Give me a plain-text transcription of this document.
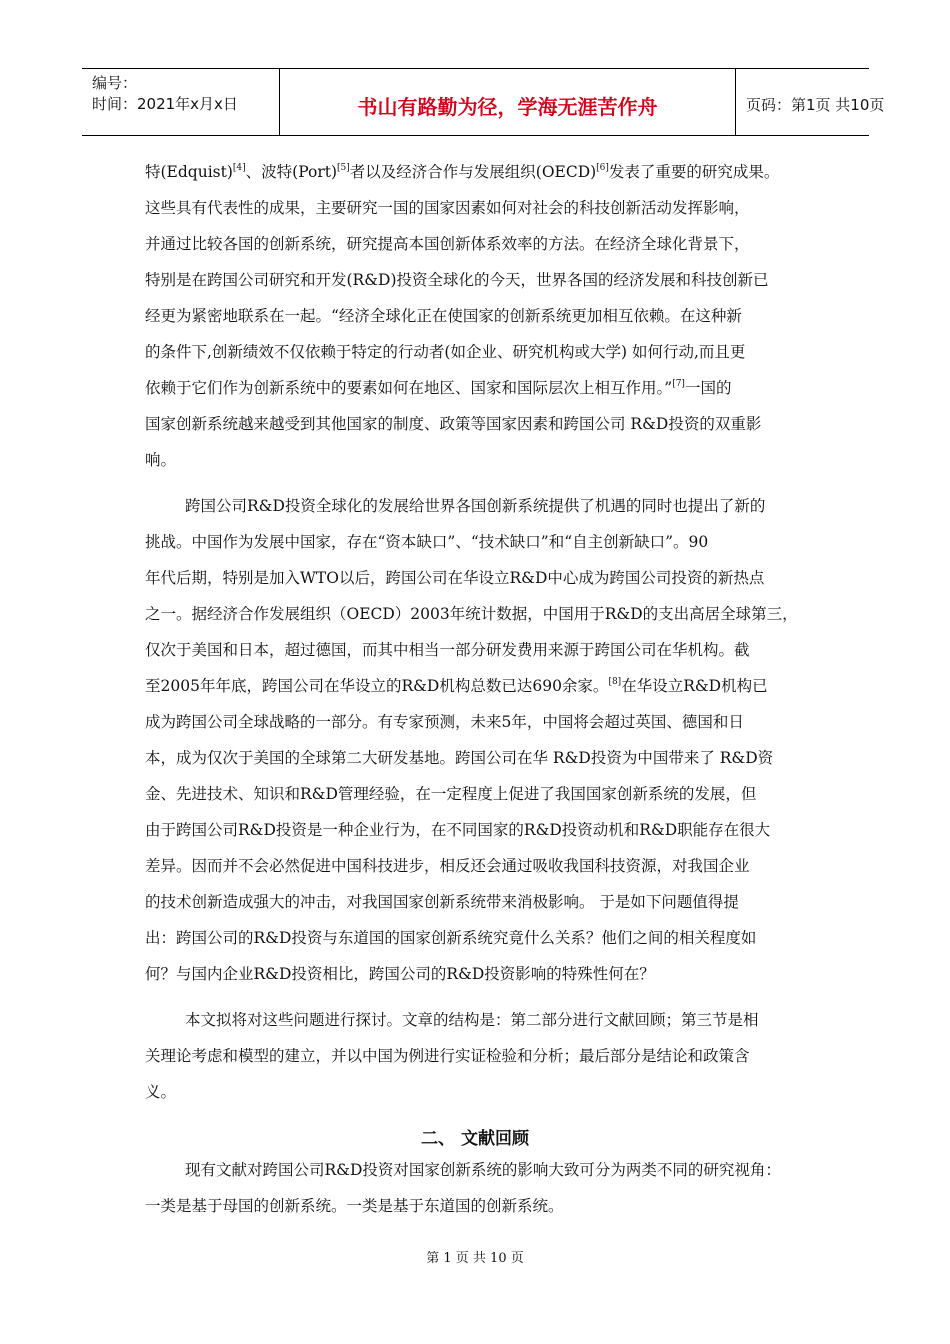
编号：
时间：2021年x月x日	书山有路勤为径，学海无涯苦作舟	页码：第1页 共10页
特(Edquist)[4]、波特(Port)[5]者以及经济合作与发展组织(OECD)[6]发表了重要的研究成果。
这些具有代表性的成果，主要研究一国的国家因素如何对社会的科技创新活动发挥影响，
并通过比较各国的创新系统，研究提高本国创新体系效率的方法。在经济全球化背景下，
特别是在跨国公司研究和开发(R&D)投资全球化的今天，世界各国的经济发展和科技创新已
经更为紧密地联系在一起。“经济全球化正在使国家的创新系统更加相互依赖。在这种新
的条件下,创新绩效不仅依赖于特定的行动者(如企业、研究机构或大学) 如何行动,而且更
依赖于它们作为创新系统中的要素如何在地区、国家和国际层次上相互作用。”[7]一国的
国家创新系统越来越受到其他国家的制度、政策等国家因素和跨国公司 R&D投资的双重影
响。
跨国公司R&D投资全球化的发展给世界各国创新系统提供了机遇的同时也提出了新的
挑战。中国作为发展中国家，存在“资本缺口”、“技术缺口”和“自主创新缺口”。90
年代后期，特别是加入WTO以后，跨国公司在华设立R&D中心成为跨国公司投资的新热点
之一。据经济合作发展组织（OECD）2003年统计数据，中国用于R&D的支出高居全球第三，
仅次于美国和日本，超过德国，而其中相当一部分研发费用来源于跨国公司在华机构。截
至2005年年底，跨国公司在华设立的R&D机构总数已达690余家。[8]在华设立R&D机构已
成为跨国公司全球战略的一部分。有专家预测，未来5年，中国将会超过英国、德国和日
本，成为仅次于美国的全球第二大研发基地。跨国公司在华 R&D投资为中国带来了 R&D资
金、先进技术、知识和R&D管理经验，在一定程度上促进了我国国家创新系统的发展，但
由于跨国公司R&D投资是一种企业行为，在不同国家的R&D投资动机和R&D职能存在很大
差异。因而并不会必然促进中国科技进步，相反还会通过吸收我国科技资源，对我国企业
的技术创新造成强大的冲击，对我国国家创新系统带来消极影响。 于是如下问题值得提
出：跨国公司的R&D投资与东道国的国家创新系统究竟什么关系？他们之间的相关程度如
何？与国内企业R&D投资相比，跨国公司的R&D投资影响的特殊性何在？
本文拟将对这些问题进行探讨。文章的结构是：第二部分进行文献回顾；第三节是相
关理论考虑和模型的建立，并以中国为例进行实证检验和分析；最后部分是结论和政策含
义。
现有文献对跨国公司R&D投资对国家创新系统的影响大致可分为两类不同的研究视角：
一类是基于母国的创新系统。一类是基于东道国的创新系统。
二、 文献回顾
第 1 页 共 10 页
